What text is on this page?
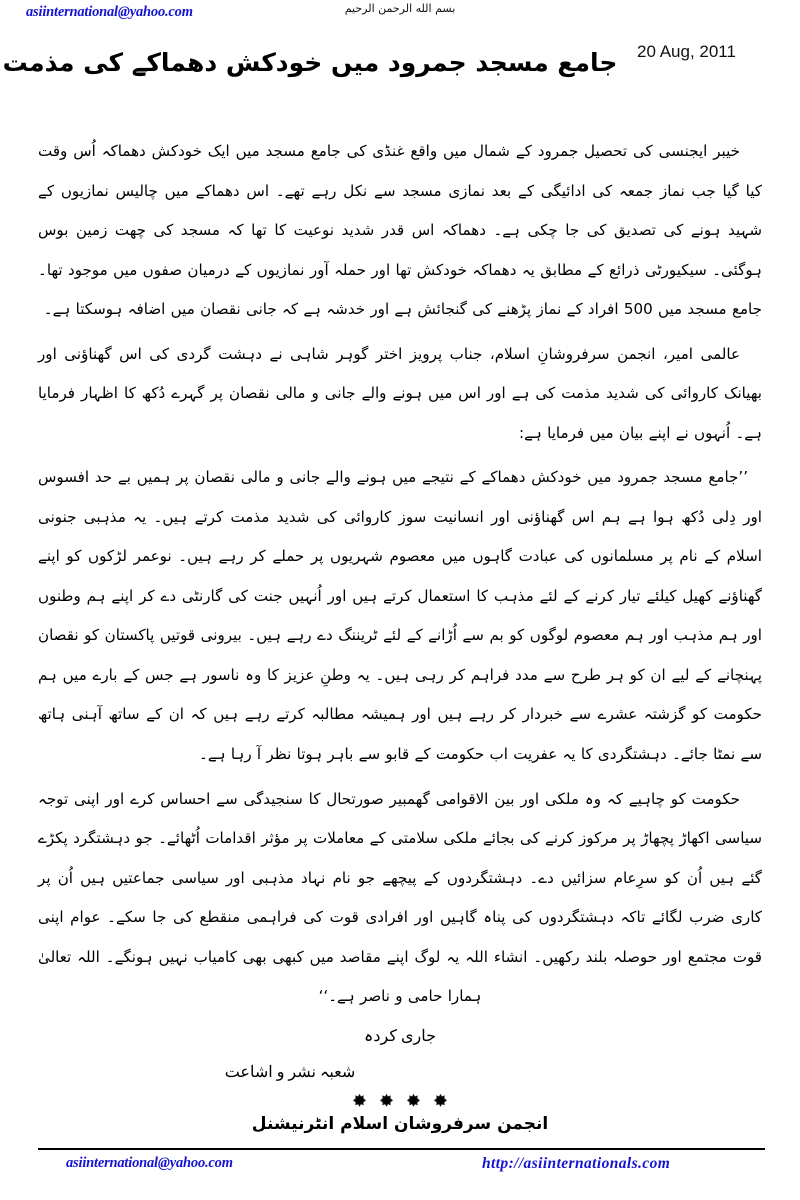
asiinternational@yahoo.com	بسم الله الرحمن الرحيم
20 Aug, 2011
جامع مسجد جمرود میں خودکش دھماکے کی مذمت

خیبر ایجنسی کی تحصیل جمرود کے شمال میں واقع غنڈی کی جامع مسجد میں ایک خودکش دھماکہ اُس وقت کیا گیا جب نماز جمعہ کی ادائیگی کے بعد نمازی مسجد سے نکل رہے تھے۔ اس دھماکے میں چالیس نمازیوں کے شہید ہونے کی تصدیق کی جا چکی ہے۔ دھماکہ اس قدر شدید نوعیت کا تھا کہ مسجد کی چھت زمین بوس ہوگئی۔ سیکیورٹی ذرائع کے مطابق یہ دھماکہ خودکش تھا اور حملہ آور نمازیوں کے درمیان صفوں میں موجود تھا۔ جامع مسجد میں 500 افراد کے نماز پڑھنے کی گنجائش ہے اور خدشہ ہے کہ جانی نقصان میں اضافہ ہوسکتا ہے۔

عالمی امیر، انجمن سرفروشانِ اسلام، جناب پرویز اختر گوہر شاہی نے دہشت گردی کی اس گھناؤنی اور بھیانک کاروائی کی شدید مذمت کی ہے اور اس میں ہونے والے جانی و مالی نقصان پر گہرے دُکھ کا اظہار فرمایا ہے۔ اُنہوں نے اپنے بیان میں فرمایا ہے:

’’جامع مسجد جمرود میں خودکش دھماکے کے نتیجے میں ہونے والے جانی و مالی نقصان پر ہمیں بے حد افسوس اور دِلی دُکھ ہوا ہے ہم اس گھناؤنی اور انسانیت سوز کاروائی کی شدید مذمت کرتے ہیں۔ یہ مذہبی جنونی اسلام کے نام پر مسلمانوں کی عبادت گاہوں میں معصوم شہریوں پر حملے کر رہے ہیں۔ نوعمر لڑکوں کو اپنے گھناؤنے کھیل کیلئے تیار کرنے کے لئے مذہب کا استعمال کرتے ہیں اور اُنہیں جنت کی گارنٹی دے کر اپنے ہم وطنوں اور ہم مذہب اور ہم معصوم لوگوں کو بم سے اُڑانے کے لئے ٹریننگ دے رہے ہیں۔ بیرونی قوتیں پاکستان کو نقصان پہنچانے کے لیے ان کو ہر طرح سے مدد فراہم کر رہی ہیں۔ یہ وطنِ عزیز کا وہ ناسور ہے جس کے بارے میں ہم حکومت کو گزشتہ عشرے سے خبردار کر رہے ہیں اور ہمیشہ مطالبہ کرتے رہے ہیں کہ ان کے ساتھ آہنی ہاتھ سے نمٹا جائے۔ دہشتگردی کا یہ عفریت اب حکومت کے قابو سے باہر ہوتا نظر آ رہا ہے۔

حکومت کو چاہیے کہ وہ ملکی اور بین الاقوامی گھمبیر صورتحال کا سنجیدگی سے احساس کرے اور اپنی توجہ سیاسی اکھاڑ پچھاڑ پر مرکوز کرنے کی بجائے ملکی سلامتی کے معاملات پر مؤثر اقدامات اُٹھائے۔ جو دہشتگرد پکڑے گئے ہیں اُن کو سرِعام سزائیں دے۔ دہشتگردوں کے پیچھے جو نام نہاد مذہبی اور سیاسی جماعتیں ہیں اُن پر کاری ضرب لگائے تاکہ دہشتگردوں کی پناہ گاہیں اور افرادی قوت کی فراہمی منقطع کی جا سکے۔ عوام اپنی قوت مجتمع اور حوصلہ بلند رکھیں۔ انشاء اللہ یہ لوگ اپنے مقاصد میں کبھی بھی کامیاب نہیں ہونگے۔ اللہ تعالیٰ ہمارا حامی و ناصر ہے۔‘‘

جاری کردہ
شعبہ نشر و اشاعت

انجمن سرفروشان اسلام انٹرنیشنل
asiinternational@yahoo.com	http://asiinternationals.com
